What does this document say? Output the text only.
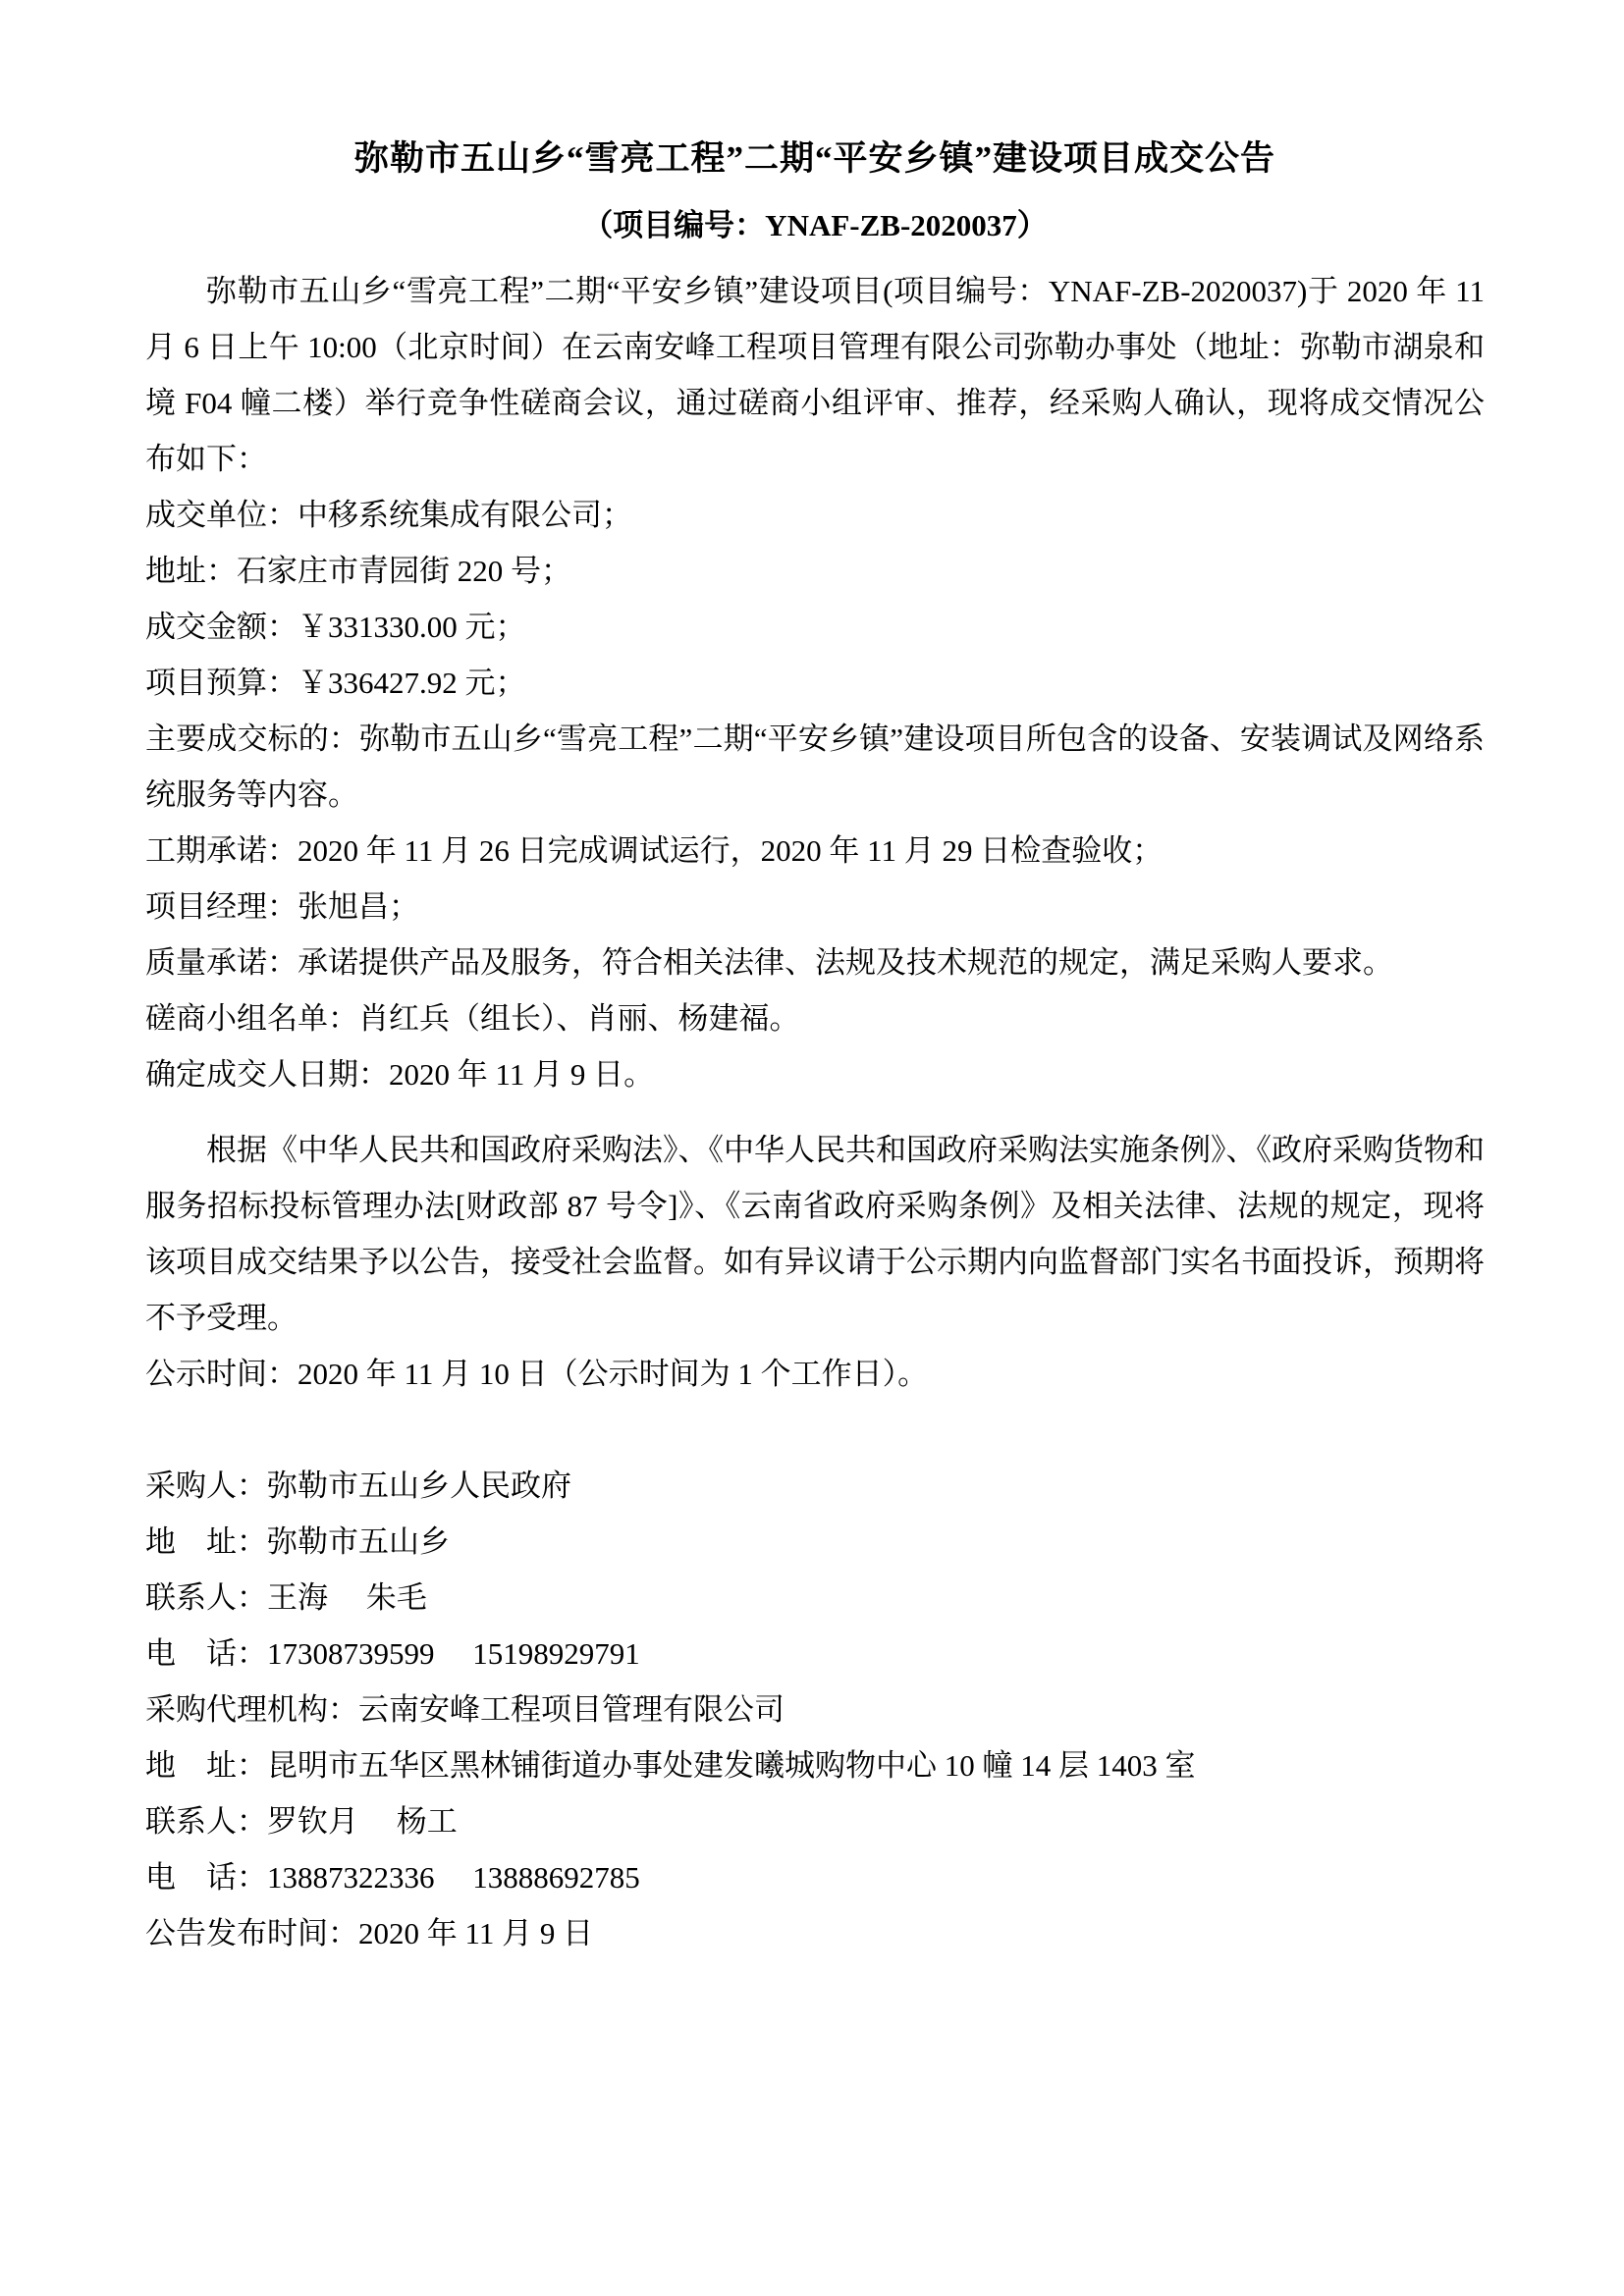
弥勒市五山乡“雪亮工程”二期“平安乡镇”建设项目成交公告
（项目编号：YNAF-ZB-2020037）

弥勒市五山乡“雪亮工程”二期“平安乡镇”建设项目(项目编号：YNAF-ZB-2020037)于 2020 年 11 月 6 日上午 10:00（北京时间）在云南安峰工程项目管理有限公司弥勒办事处（地址：弥勒市湖泉和境 F04 幢二楼）举行竞争性磋商会议，通过磋商小组评审、推荐，经采购人确认，现将成交情况公布如下：

成交单位：中移系统集成有限公司；

地址：石家庄市青园街 220 号；

成交金额：￥331330.00 元；

项目预算：￥336427.92 元；

主要成交标的：弥勒市五山乡“雪亮工程”二期“平安乡镇”建设项目所包含的设备、安装调试及网络系统服务等内容。

工期承诺：2020 年 11 月 26 日完成调试运行，2020 年 11 月 29 日检查验收；

项目经理：张旭昌；

质量承诺：承诺提供产品及服务，符合相关法律、法规及技术规范的规定，满足采购人要求。

磋商小组名单：肖红兵（组长）、肖丽、杨建福。

确定成交人日期：2020 年 11 月 9 日。

根据《中华人民共和国政府采购法》、《中华人民共和国政府采购法实施条例》、《政府采购货物和服务招标投标管理办法[财政部 87 号令]》、《云南省政府采购条例》及相关法律、法规的规定，现将该项目成交结果予以公告，接受社会监督。如有异议请于公示期内向监督部门实名书面投诉，预期将不予受理。

公示时间：2020 年 11 月 10 日（公示时间为 1 个工作日）。

采购人：弥勒市五山乡人民政府

地　址：弥勒市五山乡

联系人：王海　 朱毛

电　话：17308739599　 15198929791

采购代理机构：云南安峰工程项目管理有限公司

地　址：昆明市五华区黑林铺街道办事处建发曦城购物中心 10 幢 14 层 1403 室

联系人：罗钦月　 杨工

电　话：13887322336　 13888692785

公告发布时间：2020 年 11 月 9 日
